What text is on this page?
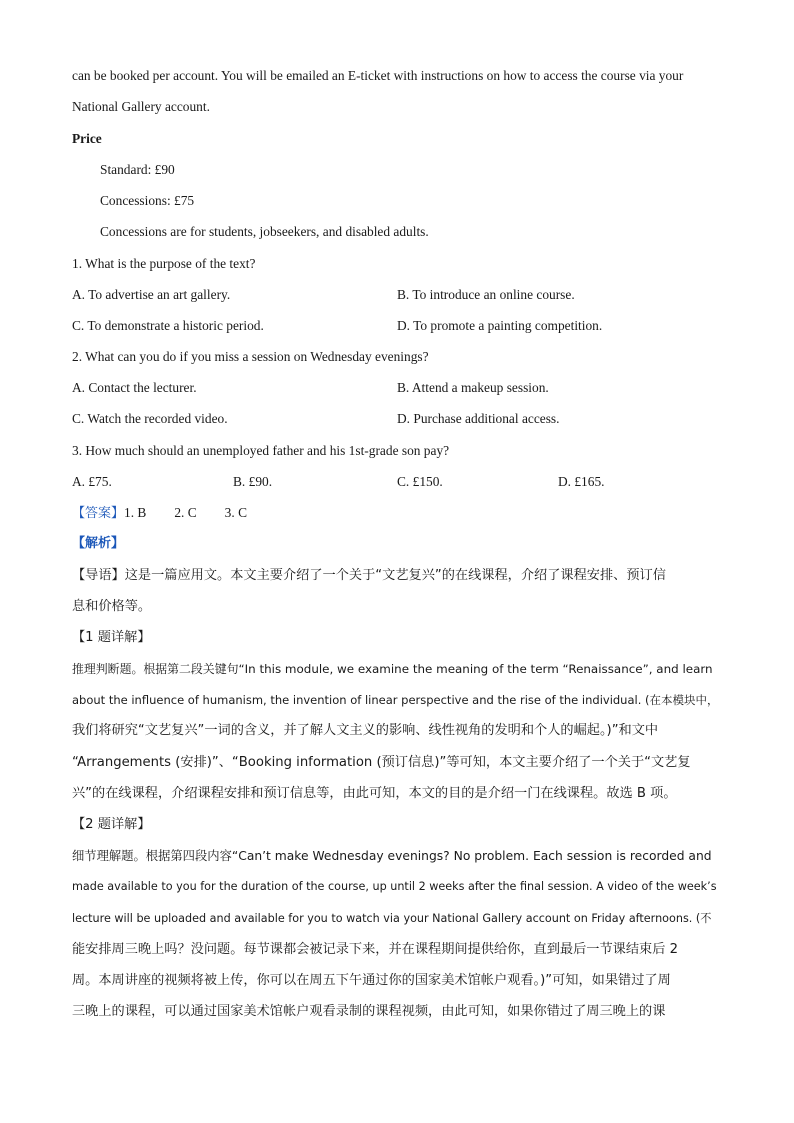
can be booked per account. You will be emailed an E-ticket with instructions on how to access the course via your
National Gallery account.
Price
Standard: £90
Concessions: £75
Concessions are for students, jobseekers, and disabled adults.
1. What is the purpose of the text?
A. To advertise an art gallery.	B. To introduce an online course.
C. To demonstrate a historic period.	D. To promote a painting competition.
2. What can you do if you miss a session on Wednesday evenings?
A. Contact the lecturer.	B. Attend a makeup session.
C. Watch the recorded video.	D. Purchase additional access.
3. How much should an unemployed father and his 1st-grade son pay?
A. £75.	B. £90.	C. £150.	D. £165.
【答案】1. B 2. C 3. C
【解析】
【导语】这是一篇应用文。本文主要介绍了一个关于“文艺复兴”的在线课程，介绍了课程安排、预订信
息和价格等。
【1 题详解】
推理判断题。根据第二段关键句“In this module, we examine the meaning of the term “Renaissance”, and learn
about the influence of humanism, the invention of linear perspective and the rise of the individual. (在本模块中，
我们将研究“文艺复兴”一词的含义，并了解人文主义的影响、线性视角的发明和个人的崛起。)”和文中
“Arrangements (安排)”、“Booking information (预订信息)”等可知，本文主要介绍了一个关于“文艺复
兴”的在线课程，介绍课程安排和预订信息等，由此可知，本文的目的是介绍一门在线课程。故选 B 项。
【2 题详解】
细节理解题。根据第四段内容“Can’t make Wednesday evenings? No problem. Each session is recorded and
made available to you for the duration of the course, up until 2 weeks after the final session. A video of the week’s
lecture will be uploaded and available for you to watch via your National Gallery account on Friday afternoons. (不
能安排周三晚上吗？没问题。每节课都会被记录下来，并在课程期间提供给你，直到最后一节课结束后 2
周。本周讲座的视频将被上传，你可以在周五下午通过你的国家美术馆帐户观看。)”可知，如果错过了周
三晚上的课程，可以通过国家美术馆帐户观看录制的课程视频，由此可知，如果你错过了周三晚上的课
